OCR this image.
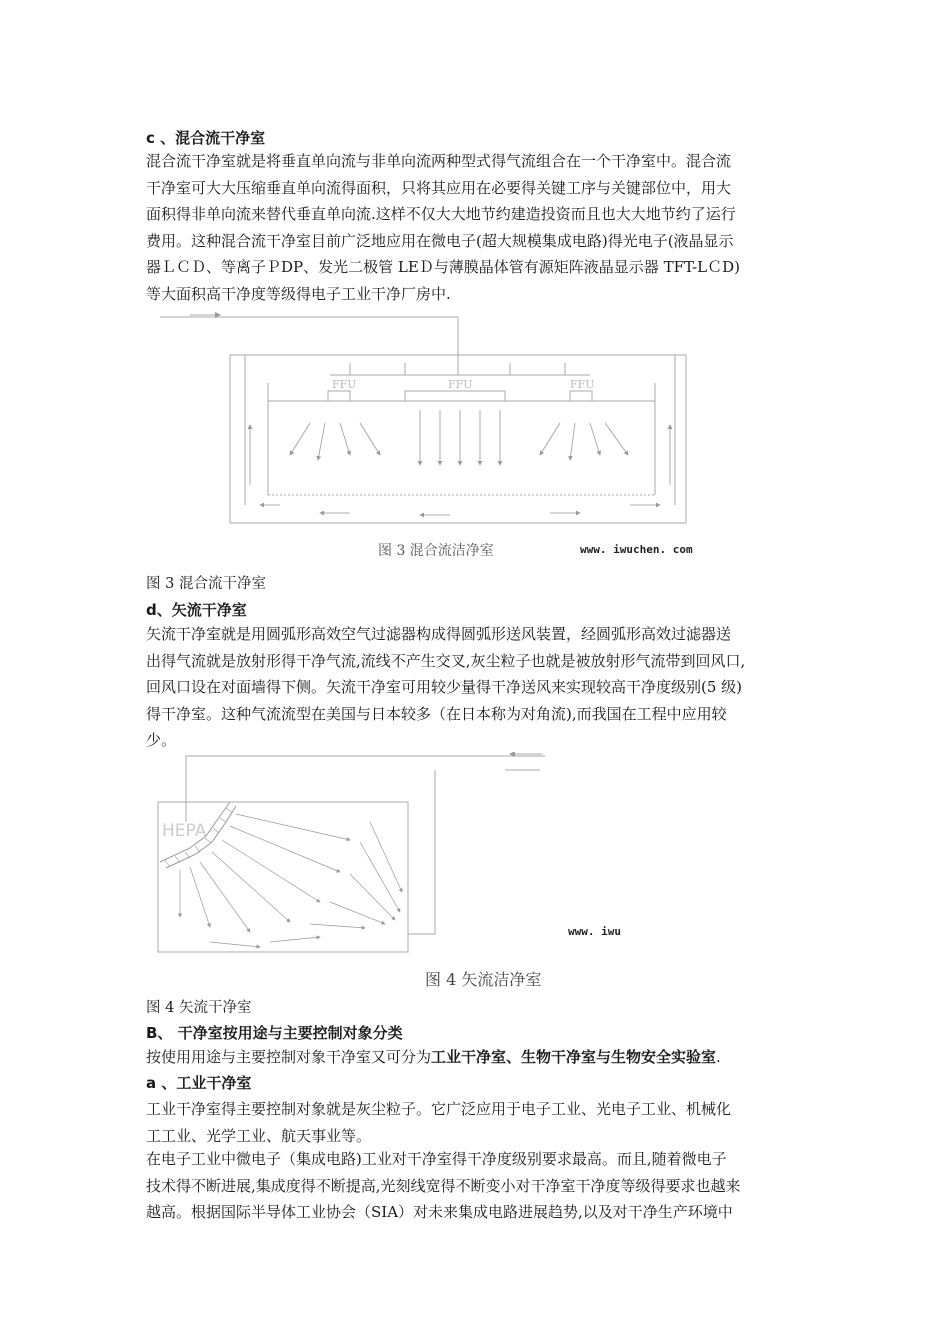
c 、混合流干净室
混合流干净室就是将垂直单向流与非单向流两种型式得气流组合在一个干净室中。混合流
干净室可大大压缩垂直单向流得面积，只将其应用在必要得关键工序与关键部位中，用大
面积得非单向流来替代垂直单向流.这样不仅大大地节约建造投资而且也大大地节约了运行
费用。这种混合流干净室目前广泛地应用在微电子(超大规模集成电路)得光电子(液晶显示
器ＬＣＤ、等离子ＰDP、发光二极管 LEＤ与薄膜晶体管有源矩阵液晶显示器 TFT-LＣD)
等大面积高干净度等级得电子工业干净厂房中.
FFU	FFU	FFU
图 3 混合流洁净室	www. iwuchen. com
图 3 混合流干净室
d、矢流干净室
矢流干净室就是用圆弧形高效空气过滤器构成得圆弧形送风装置，经圆弧形高效过滤器送
出得气流就是放射形得干净气流,流线不产生交叉,灰尘粒子也就是被放射形气流带到回风口,
回风口设在对面墙得下侧。矢流干净室可用较少量得干净送风来实现较高干净度级别(5 级)
得干净室。这种气流流型在美国与日本较多（在日本称为对角流),而我国在工程中应用较
少。
HEPA
www. iwu
图 4 矢流洁净室
图 4 矢流干净室
B、 干净室按用途与主要控制对象分类
按使用用途与主要控制对象干净室又可分为工业干净室、生物干净室与生物安全实验室.
a 、工业干净室
工业干净室得主要控制对象就是灰尘粒子。它广泛应用于电子工业、光电子工业、机械化
工工业、光学工业、航天事业等。
在电子工业中微电子（集成电路)工业对干净室得干净度级别要求最高。而且,随着微电子
技术得不断进展,集成度得不断提高,光刻线宽得不断变小对干净室干净度等级得要求也越来
越高。根据国际半导体工业协会（SIA）对未来集成电路进展趋势,以及对干净生产环境中
